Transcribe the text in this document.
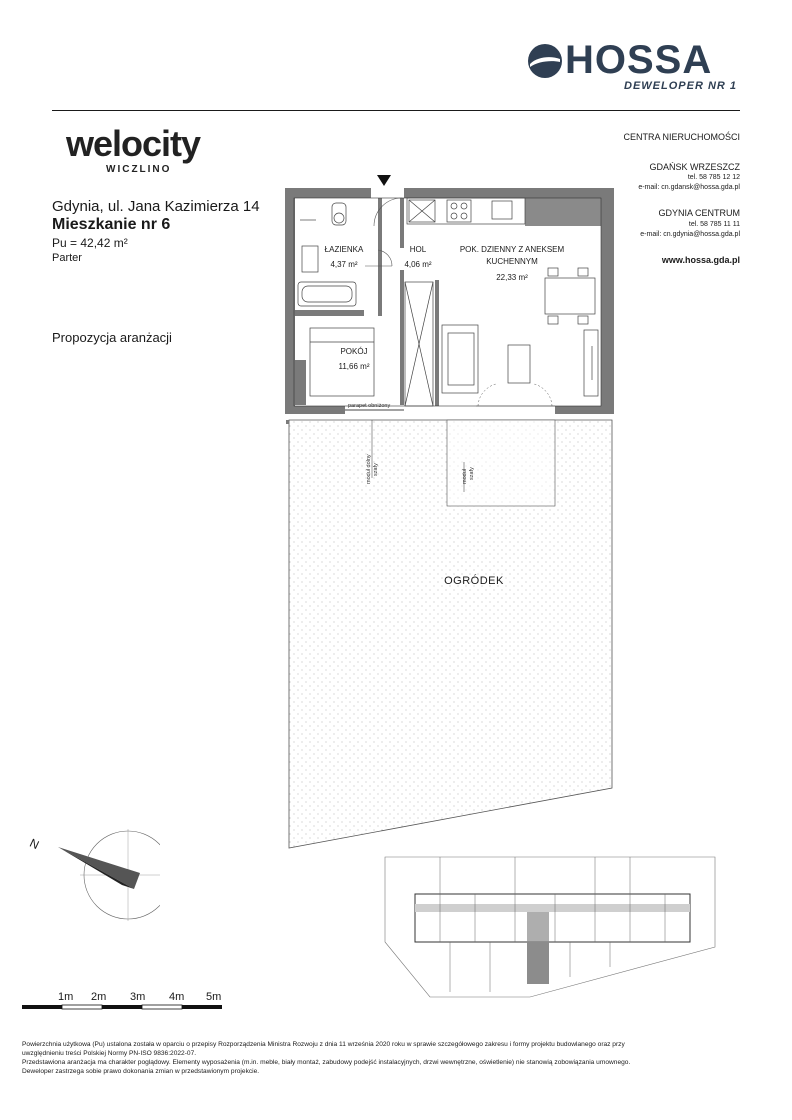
HOSSA
DEWELOPER NR 1
welocity
WICZLINO
Gdynia, ul. Jana Kazimierza 14
Mieszkanie nr 6
Pu = 42,42 m²
Parter
Propozycja aranżacji
CENTRA NIERUCHOMOŚCI
GDAŃSK WRZESZCZ
tel. 58 785 12 12
e-mail: cn.gdansk@hossa.gda.pl
GDYNIA CENTRUM
tel. 58 785 11 11
e-mail: cn.gdynia@hossa.gda.pl
www.hossa.gda.pl
ŁAZIENKA
4,37 m²
HOL
4,06 m²
POK. DZIENNY Z ANEKSEM
KUCHENNYM
22,33 m²
POKÓJ
11,66 m²
parapet obniżony
moduł dolny szafy	moduł szafy
OGRÓDEK
N
1m 2m 3m 4m 5m
Powierzchnia użytkowa (Pu) ustalona została w oparciu o przepisy Rozporządzenia Ministra Rozwoju z dnia 11 września 2020 roku w sprawie szczegółowego zakresu i formy projektu budowlanego oraz przy
uwzględnieniu treści Polskiej Normy PN-ISO 9836:2022-07.
Przedstawiona aranżacja ma charakter poglądowy. Elementy wyposażenia (m.in. meble, biały montaż, zabudowy podejść instalacyjnych, drzwi wewnętrzne, oświetlenie) nie stanowią zobowiązania umownego.
Deweloper zastrzega sobie prawo dokonania zmian w przedstawionym projekcie.
